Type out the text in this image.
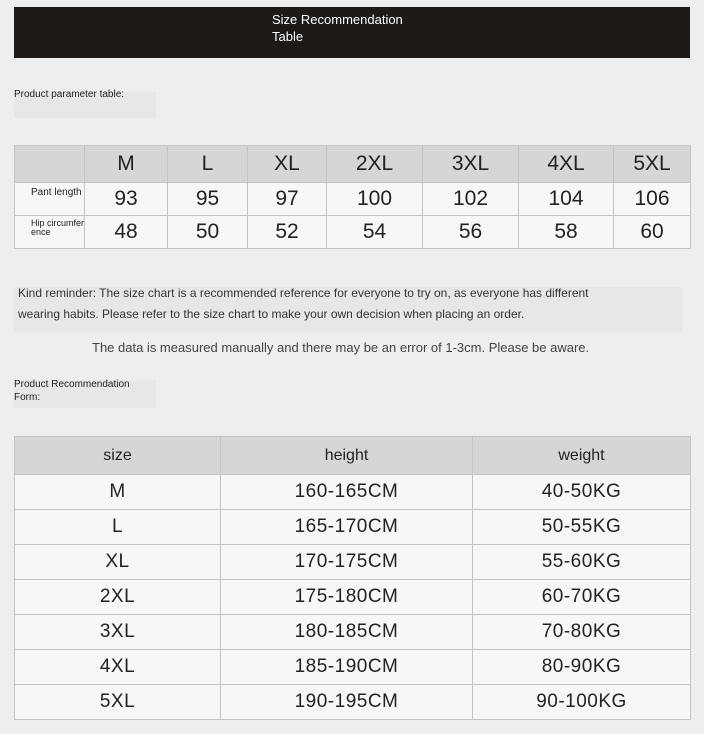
Size Recommendation Table
Product parameter table:
	M	L	XL	2XL	3XL	4XL	5XL

Pant length	93	95	97	100	102	104	106

Hip circumference	48	50	52	54	56	58	60
Kind reminder: The size chart is a recommended reference for everyone to try on, as everyone has different
wearing habits. Please refer to the size chart to make your own decision when placing an order.
The data is measured manually and there may be an error of 1-3cm. Please be aware.
Product Recommendation Form:
size	height	weight
M	160-165CM	40-50KG
L	165-170CM	50-55KG
XL	170-175CM	55-60KG
2XL	175-180CM	60-70KG
3XL	180-185CM	70-80KG
4XL	185-190CM	80-90KG
5XL	190-195CM	90-100KG
